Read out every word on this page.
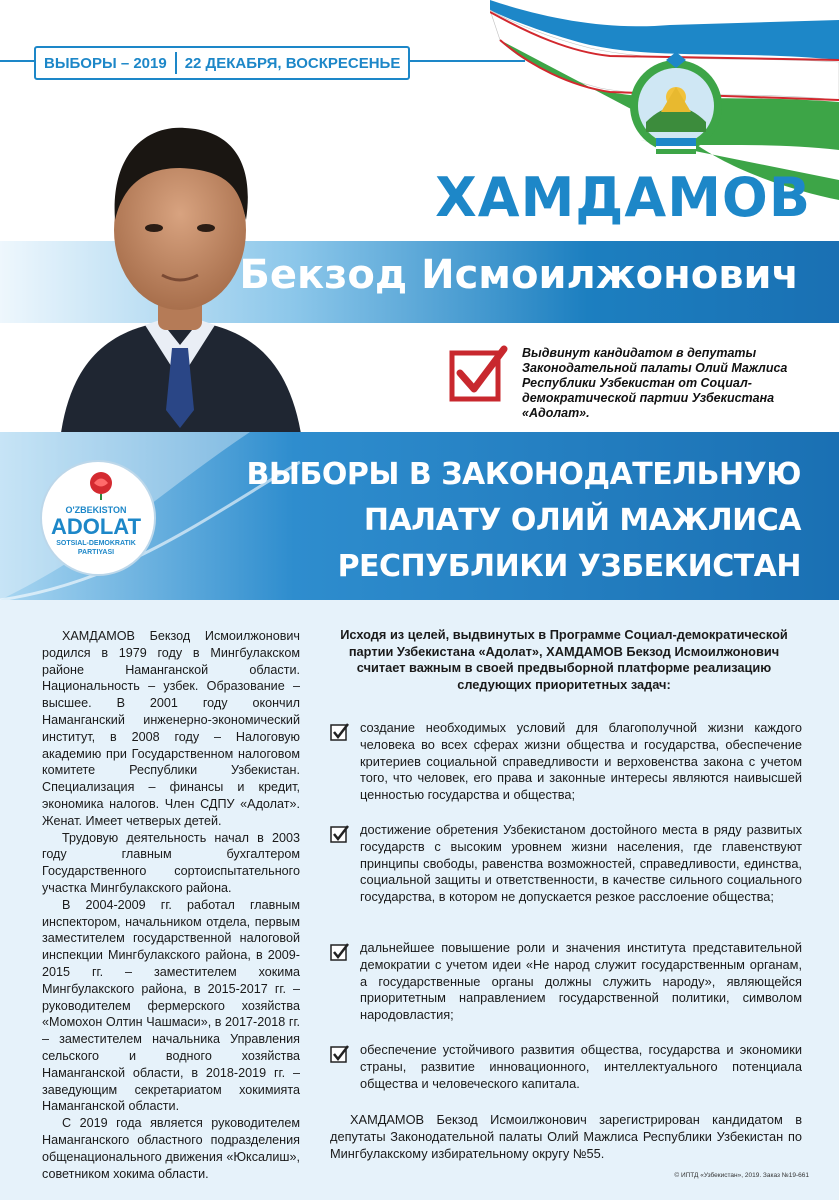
ВЫБОРЫ – 2019	22 ДЕКАБРЯ, ВОСКРЕСЕНЬЕ
ХАМДАМОВ
Бекзод Исмоилжонович
Выдвинут кандидатом в депутаты Законодательной палаты Олий Мажлиса Республики Узбекистан от Социал-демократической партии Узбекистана «Адолат».
ВЫБОРЫ В ЗАКОНОДАТЕЛЬНУЮ
ПАЛАТУ ОЛИЙ МАЖЛИСА
РЕСПУБЛИКИ УЗБЕКИСТАН
O'ZBEKISTON
ADOLAT
SOTSIAL-DEMOKRATIK
PARTIYASI

ХАМДАМОВ Бекзод Исмоилжонович родился в 1979 году в Мингбулакском районе Наманганской области. Национальность – узбек. Образование – высшее. В 2001 году окончил Наманганский инженерно-экономический институт, в 2008 году – Налоговую академию при Государственном налоговом комитете Республики Узбекистан. Специализация – финансы и кредит, экономика налогов. Член СДПУ «Адолат». Женат. Имеет четверых детей.

Трудовую деятельность начал в 2003 году главным бухгалтером Государственного сортоиспытательного участка Мингбулакского района.

В 2004-2009 гг. работал главным инспектором, начальником отдела, первым заместителем государственной налоговой инспекции Мингбулакского района, в 2009-2015 гг. – заместителем хокима Мингбулакского района, в 2015-2017 гг. – руководителем фермерского хозяйства «Момохон Олтин Чашмаси», в 2017-2018 гг. – заместителем начальника Управления сельского и водного хозяйства Наманганской области, в 2018-2019 гг. – заведующим секретариатом хокимията Наманганской области.

С 2019 года является руководителем Наманганского областного подразделения общенационального движения «Юксалиш», советником хокима области.

Исходя из целей, выдвинутых в Программе Социал-демократической партии Узбекистана «Адолат», ХАМДАМОВ Бекзод Исмоилжонович считает важным в своей предвыборной платформе реализацию следующих приоритетных задач:
создание необходимых условий для благополучной жизни каждого человека во всех сферах жизни общества и государства, обеспечение критериев социальной справедливости и верховенства закона с учетом того, что человек, его права и законные интересы являются наивысшей ценностью государства и общества;
достижение обретения Узбекистаном достойного места в ряду развитых государств с высоким уровнем жизни населения, где главенствуют принципы свободы, равенства возможностей, справедливости, единства, социальной защиты и ответственности, в качестве сильного социального государства, в котором не допускается резкое расслоение общества;
дальнейшее повышение роли и значения института представительной демократии с учетом идеи «Не народ служит государственным органам, а государственные органы должны служить народу», являющейся приоритетным направлением государственной политики, символом народовластия;
обеспечение устойчивого развития общества, государства и экономики страны, развитие инновационного, интеллектуального потенциала общества и человеческого капитала.
ХАМДАМОВ Бекзод Исмоилжонович зарегистрирован кандидатом в депутаты Законодательной палаты Олий Мажлиса Республики Узбекистан по Мингбулакскому избирательному округу №55.
© ИПТД «Узбекистан», 2019. Заказ №19-661
